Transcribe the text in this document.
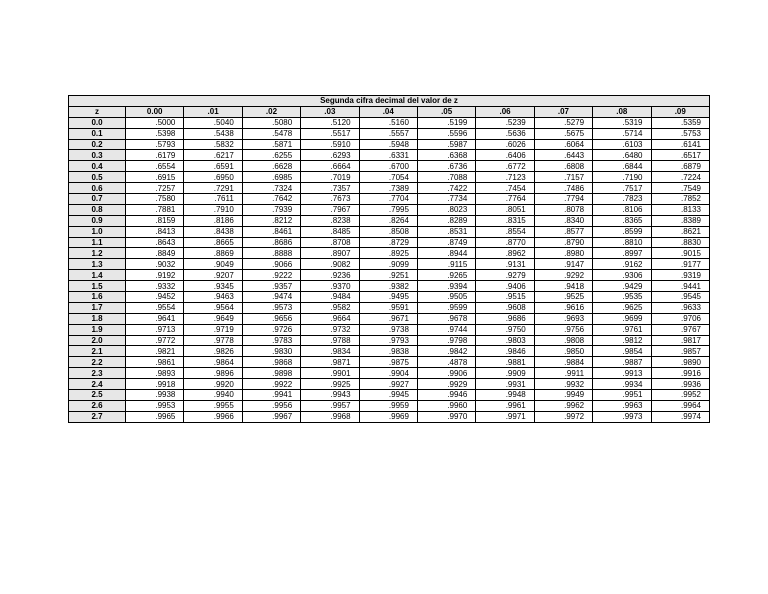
Segunda cifra decimal del valor de z										
z	0.00	.01	.02	.03	.04	.05	.06	.07	.08	.09
0.0	.5000	.5040	.5080	.5120	.5160	.5199	.5239	.5279	.5319	.5359
0.1	.5398	.5438	.5478	.5517	.5557	.5596	.5636	.5675	.5714	.5753
0.2	.5793	.5832	.5871	.5910	.5948	.5987	.6026	.6064	.6103	.6141
0.3	.6179	.6217	.6255	.6293	.6331	.6368	.6406	.6443	.6480	.6517
0.4	.6554	.6591	.6628	.6664	.6700	.6736	.6772	.6808	.6844	.6879
0.5	.6915	.6950	.6985	.7019	.7054	.7088	.7123	.7157	.7190	.7224
0.6	.7257	.7291	.7324	.7357	.7389	.7422	.7454	.7486	.7517	.7549
0.7	.7580	.7611	.7642	.7673	.7704	.7734	.7764	.7794	.7823	.7852
0.8	.7881	.7910	.7939	.7967	.7995	.8023	.8051	.8078	.8106	.8133
0.9	.8159	.8186	.8212	.8238	.8264	.8289	.8315	.8340	.8365	.8389
1.0	.8413	.8438	.8461	.8485	.8508	.8531	.8554	.8577	.8599	.8621
1.1	.8643	.8665	.8686	.8708	.8729	.8749	.8770	.8790	.8810	.8830
1.2	.8849	.8869	.8888	.8907	.8925	.8944	.8962	.8980	.8997	.9015
1.3	.9032	.9049	.9066	.9082	.9099	.9115	.9131	.9147	.9162	.9177
1.4	.9192	.9207	.9222	.9236	.9251	.9265	.9279	.9292	.9306	.9319
1.5	.9332	.9345	.9357	.9370	.9382	.9394	.9406	.9418	.9429	.9441
1.6	.9452	.9463	.9474	.9484	.9495	.9505	.9515	.9525	.9535	.9545
1.7	.9554	.9564	.9573	.9582	.9591	.9599	.9608	.9616	.9625	.9633
1.8	.9641	.9649	.9656	.9664	.9671	.9678	.9686	.9693	.9699	.9706
1.9	.9713	.9719	.9726	.9732	.9738	.9744	.9750	.9756	.9761	.9767
2.0	.9772	.9778	.9783	.9788	.9793	.9798	.9803	.9808	.9812	.9817
2.1	.9821	.9826	.9830	.9834	.9838	.9842	.9846	.9850	.9854	.9857
2.2	.9861	.9864	.9868	.9871	.9875	.4878	.9881	.9884	.9887	.9890
2.3	.9893	.9896	.9898	.9901	.9904	.9906	.9909	.9911	.9913	.9916
2.4	.9918	.9920	.9922	.9925	.9927	.9929	.9931	.9932	.9934	.9936
2.5	.9938	.9940	.9941	.9943	.9945	.9946	.9948	.9949	.9951	.9952
2.6	.9953	.9955	.9956	.9957	.9959	.9960	.9961	.9962	.9963	.9964
2.7	.9965	.9966	.9967	.9968	.9969	.9970	.9971	.9972	.9973	.9974
